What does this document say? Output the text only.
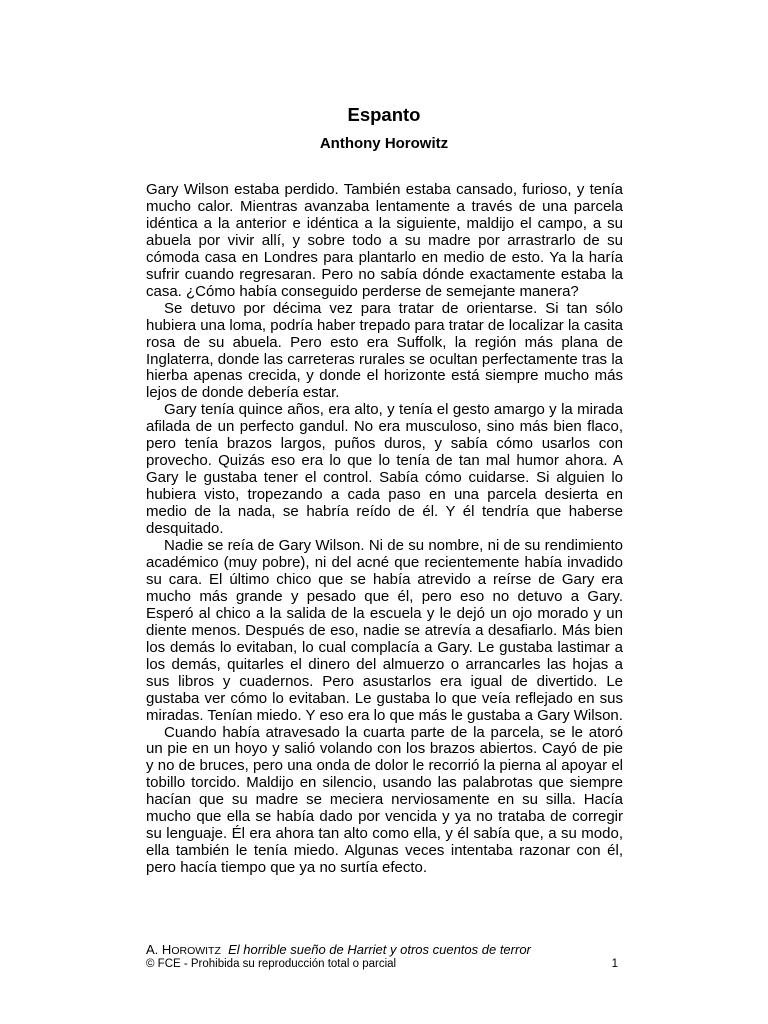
Espanto
Anthony Horowitz

Gary Wilson estaba perdido. También estaba cansado, furioso, y tenía mucho calor. Mientras avanzaba lentamente a través de una parcela idéntica a la anterior e idéntica a la siguiente, maldijo el campo, a su abuela por vivir allí, y sobre todo a su madre por arrastrarlo de su cómoda casa en Londres para plantarlo en medio de esto. Ya la haría sufrir cuando regresaran. Pero no sabía dónde exactamente estaba la casa. ¿Cómo había conseguido perderse de semejante manera?

Se detuvo por décima vez para tratar de orientarse. Si tan sólo hubiera una loma, podría haber trepado para tratar de localizar la casita rosa de su abuela. Pero esto era Suffolk, la región más plana de Inglaterra, donde las carreteras rurales se ocultan perfectamente tras la hierba apenas crecida, y donde el horizonte está siempre mucho más lejos de donde debería estar.

Gary tenía quince años, era alto, y tenía el gesto amargo y la mirada afilada de un perfecto gandul. No era musculoso, sino más bien flaco, pero tenía brazos largos, puños duros, y sabía cómo usarlos con provecho. Quizás eso era lo que lo tenía de tan mal humor ahora. A Gary le gustaba tener el control. Sabía cómo cuidarse. Si alguien lo hubiera visto, tropezando a cada paso en una parcela desierta en medio de la nada, se habría reído de él. Y él tendría que haberse desquitado.

Nadie se reía de Gary Wilson. Ni de su nombre, ni de su rendimiento académico (muy pobre), ni del acné que recientemente había invadido su cara. El último chico que se había atrevido a reírse de Gary era mucho más grande y pesado que él, pero eso no detuvo a Gary. Esperó al chico a la salida de la escuela y le dejó un ojo morado y un diente menos. Después de eso, nadie se atrevía a desafiarlo. Más bien los demás lo evitaban, lo cual complacía a Gary. Le gustaba lastimar a los demás, quitarles el dinero del almuerzo o arrancarles las hojas a sus libros y cuadernos. Pero asustarlos era igual de divertido. Le gustaba ver cómo lo evitaban. Le gustaba lo que veía reflejado en sus miradas. Tenían miedo. Y eso era lo que más le gustaba a Gary Wilson.

Cuando había atravesado la cuarta parte de la parcela, se le atoró un pie en un hoyo y salió volando con los brazos abiertos. Cayó de pie y no de bruces, pero una onda de dolor le recorrió la pierna al apoyar el tobillo torcido. Maldijo en silencio, usando las palabrotas que siempre hacían que su madre se meciera nerviosamente en su silla. Hacía mucho que ella se había dado por vencida y ya no trataba de corregir su lenguaje. Él era ahora tan alto como ella, y él sabía que, a su modo, ella también le tenía miedo. Algunas veces intentaba razonar con él, pero hacía tiempo que ya no surtía efecto.

A. HOROWITZ El horrible sueño de Harriet y otros cuentos de terror
© FCE - Prohibida su reproducción total o parcial	1
